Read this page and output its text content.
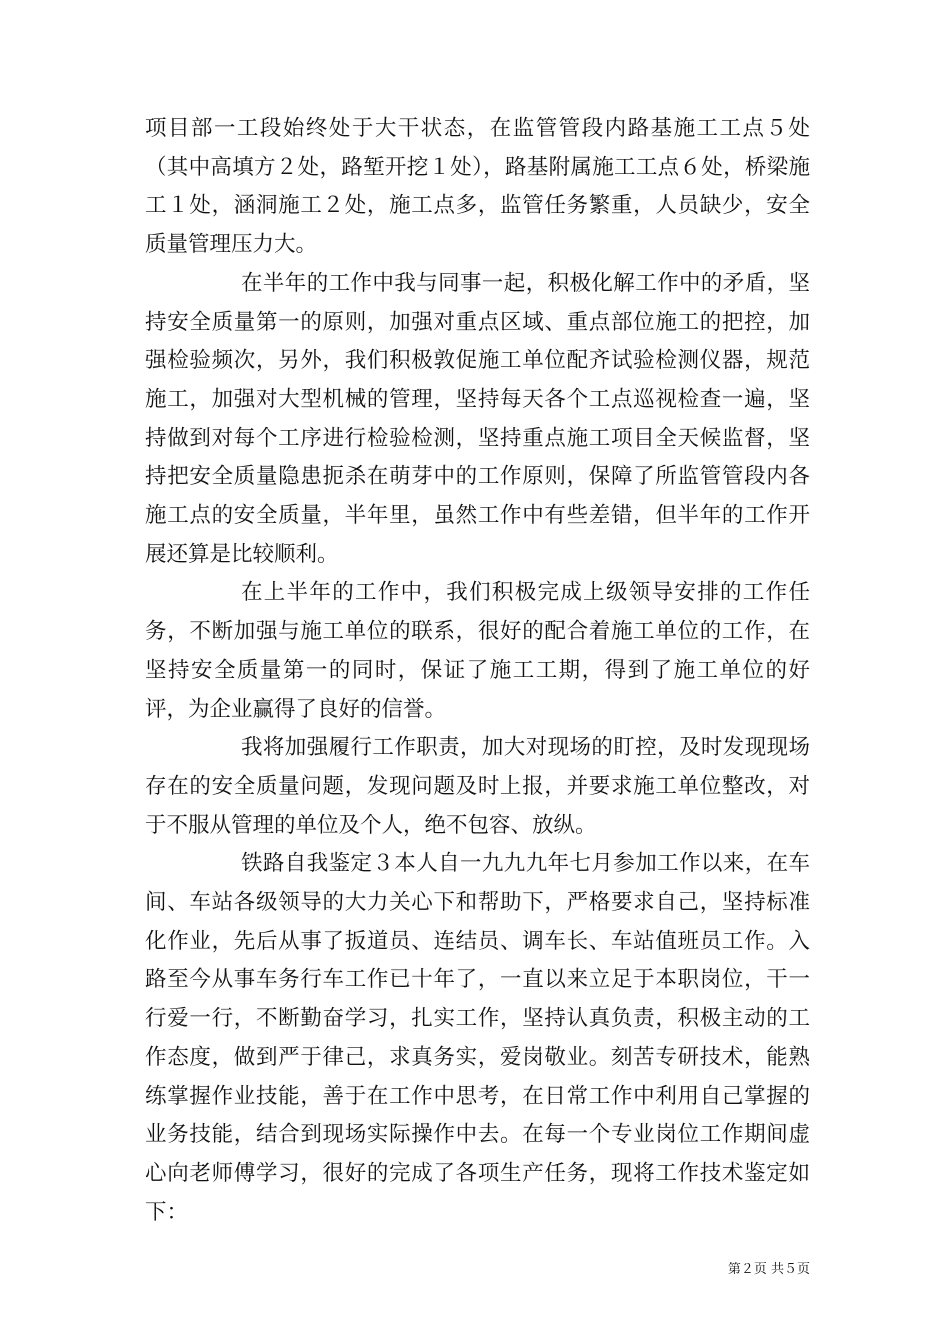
项目部一工段始终处于大干状态，在监管管段内路基施工工点５处（其中高填方２处，路堑开挖１处），路基附属施工工点６处，桥梁施工１处，涵洞施工２处，施工点多，监管任务繁重，人员缺少，安全质量管理压力大。

在半年的工作中我与同事一起，积极化解工作中的矛盾，坚持安全质量第一的原则，加强对重点区域、重点部位施工的把控，加强检验频次，另外，我们积极敦促施工单位配齐试验检测仪器，规范施工，加强对大型机械的管理，坚持每天各个工点巡视检查一遍，坚持做到对每个工序进行检验检测，坚持重点施工项目全天候监督，坚持把安全质量隐患扼杀在萌芽中的工作原则，保障了所监管管段内各施工点的安全质量，半年里，虽然工作中有些差错，但半年的工作开展还算是比较顺利。

在上半年的工作中，我们积极完成上级领导安排的工作任务，不断加强与施工单位的联系，很好的配合着施工单位的工作，在坚持安全质量第一的同时，保证了施工工期，得到了施工单位的好评，为企业赢得了良好的信誉。

我将加强履行工作职责，加大对现场的盯控，及时发现现场存在的安全质量问题，发现问题及时上报，并要求施工单位整改，对于不服从管理的单位及个人，绝不包容、放纵。

铁路自我鉴定３本人自一九九九年七月参加工作以来，在车间、车站各级领导的大力关心下和帮助下，严格要求自己，坚持标准化作业，先后从事了扳道员、连结员、调车长、车站值班员工作。入路至今从事车务行车工作已十年了，一直以来立足于本职岗位，干一行爱一行，不断勤奋学习，扎实工作，坚持认真负责，积极主动的工作态度，做到严于律己，求真务实，爱岗敬业。刻苦专研技术，能熟练掌握作业技能，善于在工作中思考，在日常工作中利用自己掌握的业务技能，结合到现场实际操作中去。在每一个专业岗位工作期间虚心向老师傅学习，很好的完成了各项生产任务，现将工作技术鉴定如下：

第２页 共５页
